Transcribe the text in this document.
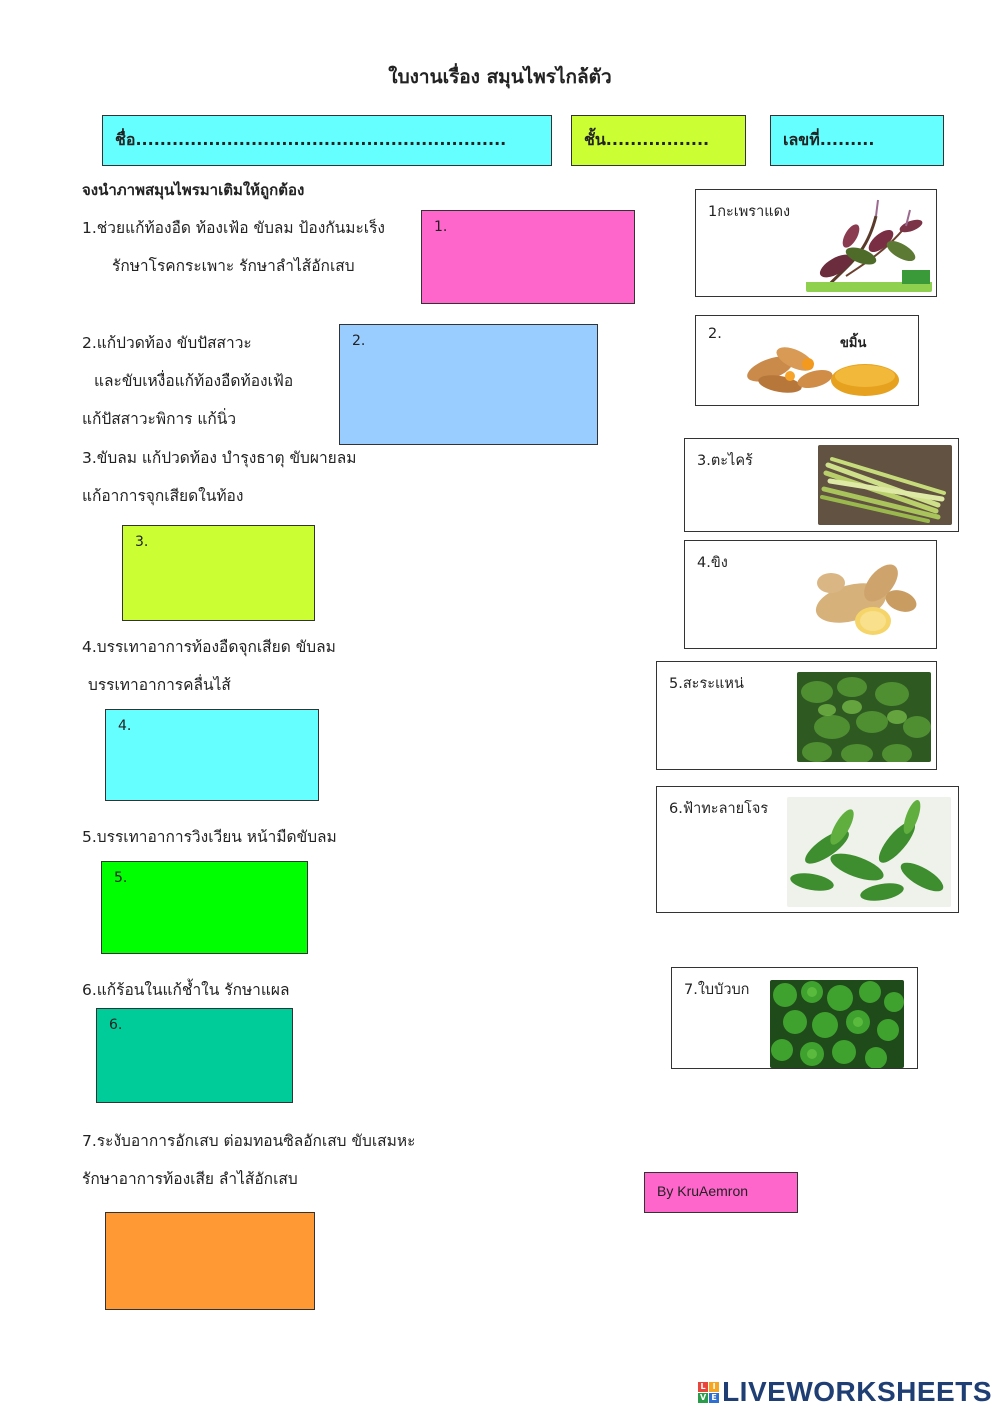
ใบงานเรื่อง สมุนไพรไกล้ตัว
ชื่อ.............................................................	ชั้น.................	เลขที่.........
จงนำภาพสมุนไพรมาเติมให้ถูกต้อง
1.ช่วยแก้ท้องอืด ท้องเฟ้อ ขับลม ป้องกันมะเร็ง
รักษาโรคกระเพาะ รักษาลำไส้อักเสบ
2.แก้ปวดท้อง ขับปัสสาวะ
และขับเหงื่อแก้ท้องอืดท้องเฟ้อ
แก้ปัสสาวะพิการ แก้นิ่ว
3.ขับลม แก้ปวดท้อง บำรุงธาตุ ขับผายลม
แก้อาการจุกเสียดในท้อง
4.บรรเทาอาการท้องอืดจุกเสียด ขับลม
บรรเทาอาการคลื่นไส้
5.บรรเทาอาการวิงเวียน หน้ามืดขับลม
6.แก้ร้อนในแก้ช้ำใน รักษาแผล
7.ระงับอาการอักเสบ ต่อมทอนซิลอักเสบ ขับเสมหะ
รักษาอาการท้องเสีย ลำไส้อักเสบ
1.
2.
3.
4.
5.
6.
1กะเพราแดง
2.
ขมิ้น
3.ตะไคร้
4.ขิง
5.สะระแหน่
6.ฟ้าทะลายโจร
7.ใบบัวบก
By KruAemron
L I
V E LIVEWORKSHEETS
